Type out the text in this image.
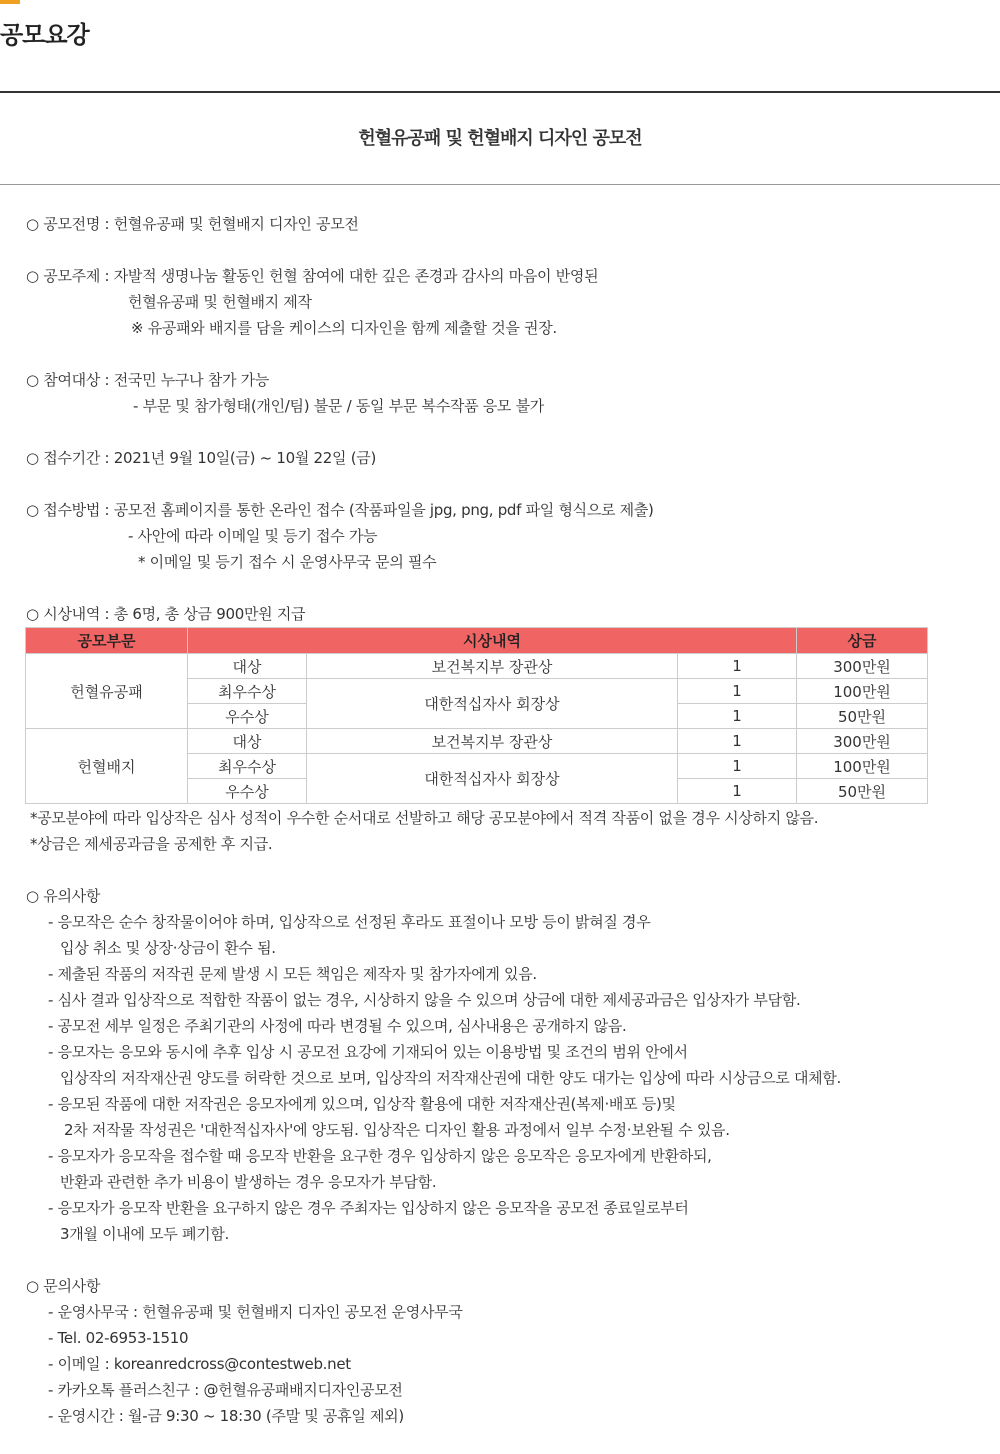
공모요강
헌혈유공패 및 헌혈배지 디자인 공모전
○ 공모전명 : 헌혈유공패 및 헌혈배지 디자인 공모전
○ 공모주제 : 자발적 생명나눔 활동인 헌혈 참여에 대한 깊은 존경과 감사의 마음이 반영된
헌혈유공패 및 헌혈배지 제작
※ 유공패와 배지를 담을 케이스의 디자인을 함께 제출할 것을 권장.
○ 참여대상 : 전국민 누구나 참가 가능
- 부문 및 참가형태(개인/팀) 불문 / 동일 부문 복수작품 응모 불가
○ 접수기간 : 2021년 9월 10일(금) ~ 10월 22일 (금)
○ 접수방법 : 공모전 홈페이지를 통한 온라인 접수 (작품파일을 jpg, png, pdf 파일 형식으로 제출)
- 사안에 따라 이메일 및 등기 접수 가능
* 이메일 및 등기 접수 시 운영사무국 문의 필수
○ 시상내역 : 총 6명, 총 상금 900만원 지급
공모부문	시상내역			상금
헌혈유공패	대상	보건복지부 장관상	1	300만원
	최우수상	대한적십자사 회장상	1	100만원
	우수상		1	50만원
헌혈배지	대상	보건복지부 장관상	1	300만원
	최우수상	대한적십자사 회장상	1	100만원
	우수상		1	50만원
*공모분야에 따라 입상작은 심사 성적이 우수한 순서대로 선발하고 해당 공모분야에서 적격 작품이 없을 경우 시상하지 않음.
*상금은 제세공과금을 공제한 후 지급.
○ 유의사항
- 응모작은 순수 창작물이어야 하며, 입상작으로 선정된 후라도 표절이나 모방 등이 밝혀질 경우
입상 취소 및 상장·상금이 환수 됨.
- 제출된 작품의 저작권 문제 발생 시 모든 책임은 제작자 및 참가자에게 있음.
- 심사 결과 입상작으로 적합한 작품이 없는 경우, 시상하지 않을 수 있으며 상금에 대한 제세공과금은 입상자가 부담함.
- 공모전 세부 일정은 주최기관의 사정에 따라 변경될 수 있으며, 심사내용은 공개하지 않음.
- 응모자는 응모와 동시에 추후 입상 시 공모전 요강에 기재되어 있는 이용방법 및 조건의 범위 안에서
입상작의 저작재산권 양도를 허락한 것으로 보며, 입상작의 저작재산권에 대한 양도 대가는 입상에 따라 시상금으로 대체함.
- 응모된 작품에 대한 저작권은 응모자에게 있으며, 입상작 활용에 대한 저작재산권(복제·배포 등)및
2차 저작물 작성권은 '대한적십자사'에 양도됨. 입상작은 디자인 활용 과정에서 일부 수정·보완될 수 있음.
- 응모자가 응모작을 접수할 때 응모작 반환을 요구한 경우 입상하지 않은 응모작은 응모자에게 반환하되,
반환과 관련한 추가 비용이 발생하는 경우 응모자가 부담함.
- 응모자가 응모작 반환을 요구하지 않은 경우 주최자는 입상하지 않은 응모작을 공모전 종료일로부터
3개월 이내에 모두 폐기함.
○ 문의사항
- 운영사무국 : 헌혈유공패 및 헌혈배지 디자인 공모전 운영사무국
- Tel. 02-6953-1510
- 이메일 : koreanredcross@contestweb.net
- 카카오톡 플러스친구 : @헌혈유공패배지디자인공모전
- 운영시간 : 월-금 9:30 ~ 18:30 (주말 및 공휴일 제외)
